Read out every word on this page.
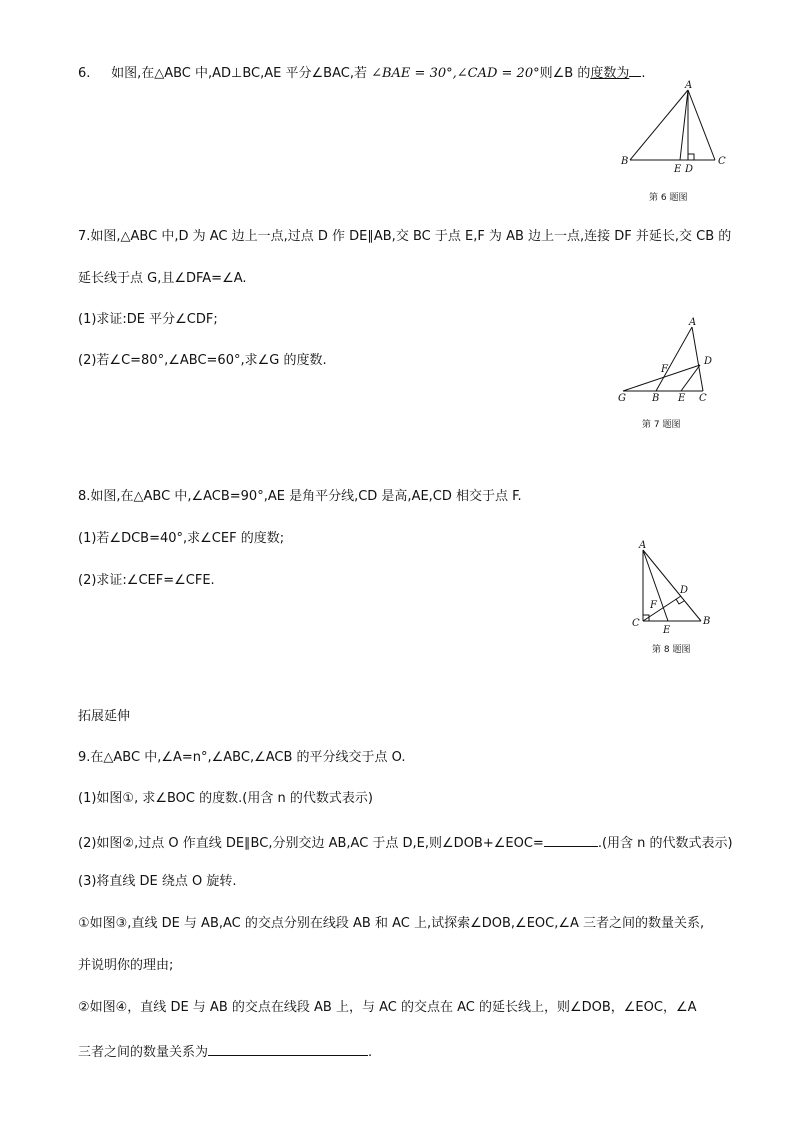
6. 如图,在△ABC 中,AD⊥BC,AE 平分∠BAC,若 ∠BAE = 30°,∠CAD = 20°则∠B 的度数为 .
A
B	C
D
E
第 6 题图
7.如图,△ABC 中,D 为 AC 边上一点,过点 D 作 DE∥AB,交 BC 于点 E,F 为 AB 边上一点,连接 DF 并延长,交 CB 的
延长线于点 G,且∠DFA=∠A.
(1)求证:DE 平分∠CDF;
(2)若∠C=80°,∠ABC=60°,求∠G 的度数.
A
D
F
G	B E C
第 7 题图
8.如图,在△ABC 中,∠ACB=90°,AE 是角平分线,CD 是高,AE,CD 相交于点 F.
(1)若∠DCB=40°,求∠CEF 的度数;
(2)求证:∠CEF=∠CFE.
A
D
F
C
E
B
第 8 题图
拓展延伸
9.在△ABC 中,∠A=n°,∠ABC,∠ACB 的平分线交于点 O.
(1)如图①, 求∠BOC 的度数.(用含 n 的代数式表示)
(2)如图②,过点 O 作直线 DE∥BC,分别交边 AB,AC 于点 D,E,则∠DOB+∠EOC=	.(用含 n 的代数式表示)
(3)将直线 DE 绕点 O 旋转.
①如图③,直线 DE 与 AB,AC 的交点分别在线段 AB 和 AC 上,试探索∠DOB,∠EOC,∠A 三者之间的数量关系,
并说明你的理由;
②如图④，直线 DE 与 AB 的交点在线段 AB 上，与 AC 的交点在 AC 的延长线上，则∠DOB，∠EOC，∠A
三者之间的数量关系为	.
